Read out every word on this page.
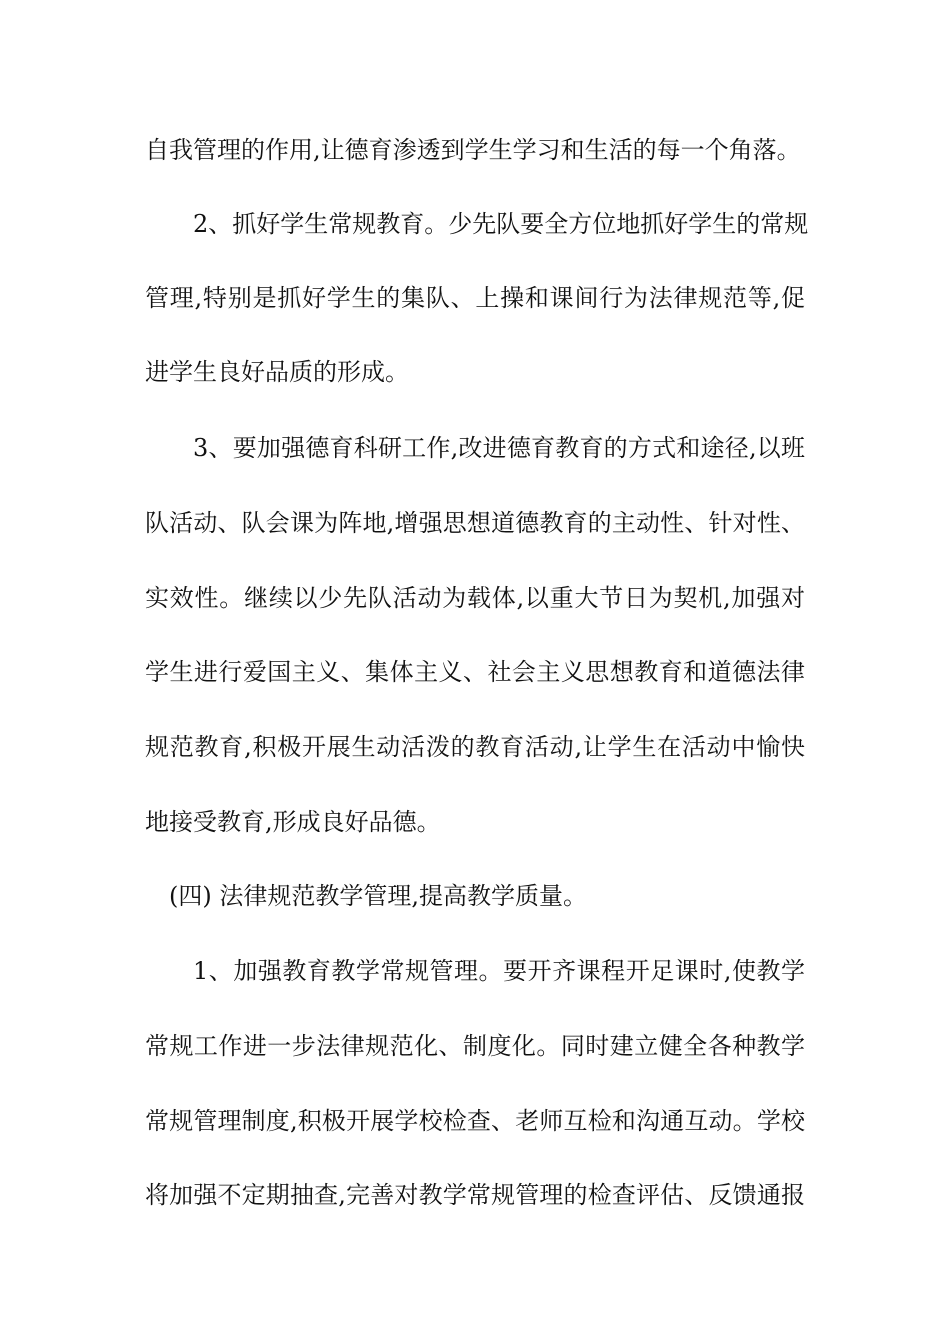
自我管理的作用,让德育渗透到学生学习和生活的每一个角落。
2、抓好学生常规教育。少先队要全方位地抓好学生的常规
管理,特别是抓好学生的集队、上操和课间行为法律规范等,促
进学生良好品质的形成。
3、要加强德育科研工作,改进德育教育的方式和途径,以班
队活动、队会课为阵地,增强思想道德教育的主动性、针对性、
实效性。继续以少先队活动为载体,以重大节日为契机,加强对
学生进行爱国主义、集体主义、社会主义思想教育和道德法律
规范教育,积极开展生动活泼的教育活动,让学生在活动中愉快
地接受教育,形成良好品德。
(四) 法律规范教学管理,提高教学质量。
1、加强教育教学常规管理。要开齐课程开足课时,使教学
常规工作进一步法律规范化、制度化。同时建立健全各种教学
常规管理制度,积极开展学校检查、老师互检和沟通互动。学校
将加强不定期抽查,完善对教学常规管理的检查评估、反馈通报
